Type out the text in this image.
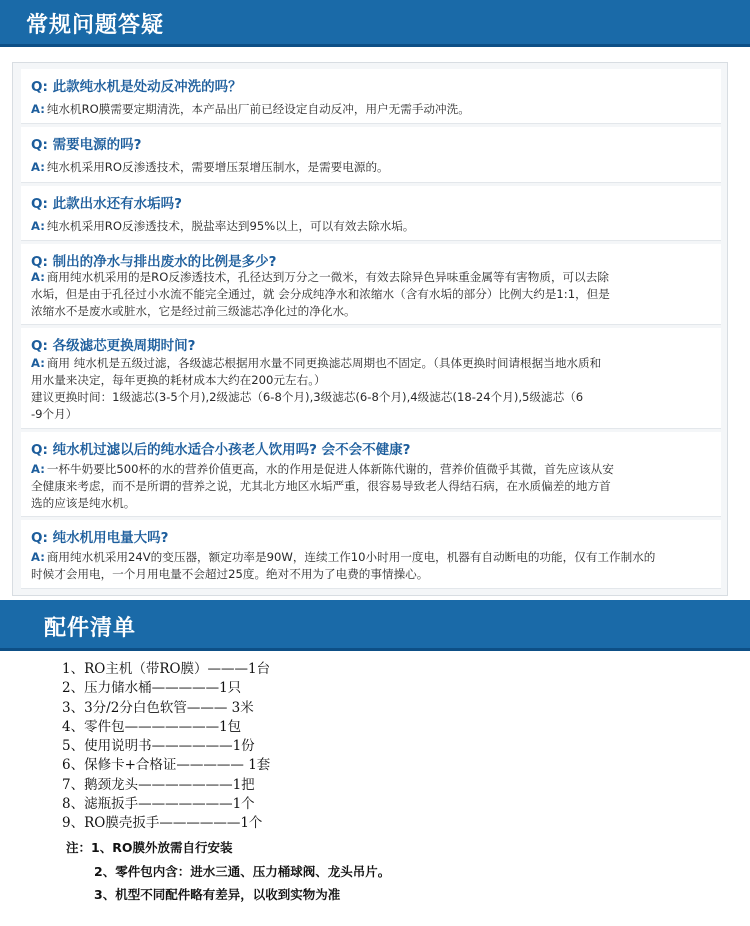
常规问题答疑
Q: 此款纯水机是处动反冲洗的吗？
A: 纯水机RO膜需要定期清洗，本产品出厂前已经设定自动反冲，用户无需手动冲洗。
Q: 需要电源的吗?
A: 纯水机采用RO反渗透技术，需要增压泵增压制水，是需要电源的。
Q: 此款出水还有水垢吗?
A: 纯水机采用RO反渗透技术，脱盐率达到95%以上，可以有效去除水垢。
Q: 制出的净水与排出废水的比例是多少?
A: 商用纯水机采用的是RO反渗透技术，孔径达到万分之一微米，有效去除异色异味重金属等有害物质，可以去除
水垢，但是由于孔径过小水流不能完全通过，就 会分成纯净水和浓缩水（含有水垢的部分）比例大约是1:1，但是
浓缩水不是废水或脏水，它是经过前三级滤芯净化过的净化水。
Q: 各级滤芯更换周期时间?
A: 商用 纯水机是五级过滤，各级滤芯根据用水量不同更换滤芯周期也不固定。（具体更换时间请根据当地水质和
用水量来决定，每年更换的耗材成本大约在200元左右。）
建议更换时间：1级滤芯(3-5个月),2级滤芯（6-8个月),3级滤芯(6-8个月),4级滤芯(18-24个月),5级滤芯（6
-9个月）
Q: 纯水机过滤以后的纯水适合小孩老人饮用吗? 会不会不健康?
A: 一杯牛奶要比500杯的水的营养价值更高，水的作用是促进人体新陈代谢的，营养价值微乎其微，首先应该从安
全健康来考虑，而不是所谓的营养之说，尤其北方地区水垢严重，很容易导致老人得结石病，在水质偏差的地方首
选的应该是纯水机。
Q: 纯水机用电量大吗?
A: 商用纯水机采用24V的变压器，额定功率是90W，连续工作10小时用一度电，机器有自动断电的功能，仅有工作制水的
时候才会用电，一个月用电量不会超过25度。绝对不用为了电费的事情操心。
配件清单
1、RO主机（带RO膜）———1台
2、压力储水桶—————1只
3、3分/2分白色软管——— 3米
4、零件包———————1包
5、使用说明书——————1份
6、保修卡+合格证————— 1套
7、鹅颈龙头———————1把
8、滤瓶扳手———————1个
9、RO膜壳扳手——————1个
注：1、RO膜外放需自行安装
2、零件包内含：进水三通、压力桶球阀、龙头吊片。
3、机型不同配件略有差异，以收到实物为准
